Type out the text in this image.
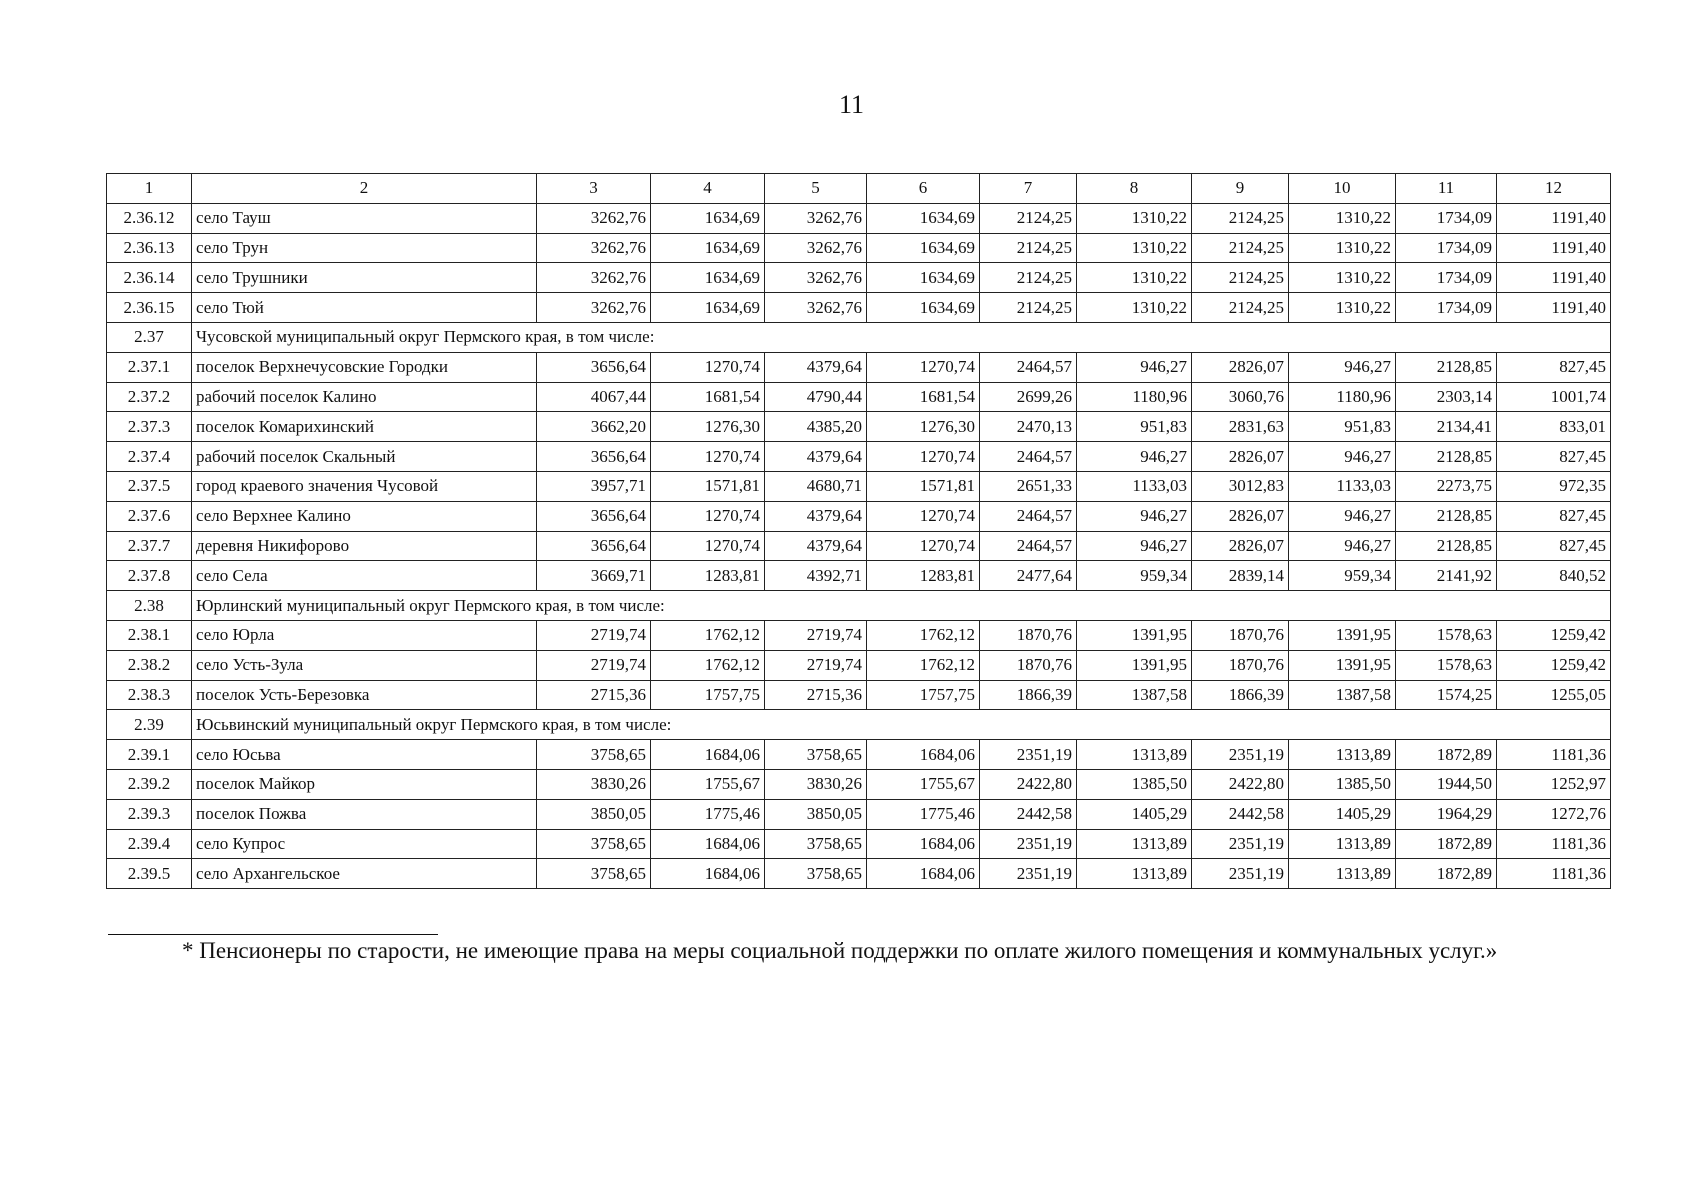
11
1	2	3	4	5	6	7	8	9	10	11	12
2.36.12	село Тауш	3262,76	1634,69	3262,76	1634,69	2124,25	1310,22	2124,25	1310,22	1734,09	1191,40
2.36.13	село Трун	3262,76	1634,69	3262,76	1634,69	2124,25	1310,22	2124,25	1310,22	1734,09	1191,40
2.36.14	село Трушники	3262,76	1634,69	3262,76	1634,69	2124,25	1310,22	2124,25	1310,22	1734,09	1191,40
2.36.15	село Тюй	3262,76	1634,69	3262,76	1634,69	2124,25	1310,22	2124,25	1310,22	1734,09	1191,40
2.37	Чусовской муниципальный округ Пермского края, в том числе:										
2.37.1	поселок Верхнечусовские Городки	3656,64	1270,74	4379,64	1270,74	2464,57	946,27	2826,07	946,27	2128,85	827,45
2.37.2	рабочий поселок Калино	4067,44	1681,54	4790,44	1681,54	2699,26	1180,96	3060,76	1180,96	2303,14	1001,74
2.37.3	поселок Комарихинский	3662,20	1276,30	4385,20	1276,30	2470,13	951,83	2831,63	951,83	2134,41	833,01
2.37.4	рабочий поселок Скальный	3656,64	1270,74	4379,64	1270,74	2464,57	946,27	2826,07	946,27	2128,85	827,45
2.37.5	город краевого значения Чусовой	3957,71	1571,81	4680,71	1571,81	2651,33	1133,03	3012,83	1133,03	2273,75	972,35
2.37.6	село Верхнее Калино	3656,64	1270,74	4379,64	1270,74	2464,57	946,27	2826,07	946,27	2128,85	827,45
2.37.7	деревня Никифорово	3656,64	1270,74	4379,64	1270,74	2464,57	946,27	2826,07	946,27	2128,85	827,45
2.37.8	село Села	3669,71	1283,81	4392,71	1283,81	2477,64	959,34	2839,14	959,34	2141,92	840,52
2.38	Юрлинский муниципальный округ Пермского края, в том числе:										
2.38.1	село Юрла	2719,74	1762,12	2719,74	1762,12	1870,76	1391,95	1870,76	1391,95	1578,63	1259,42
2.38.2	село Усть-Зула	2719,74	1762,12	2719,74	1762,12	1870,76	1391,95	1870,76	1391,95	1578,63	1259,42
2.38.3	поселок Усть-Березовка	2715,36	1757,75	2715,36	1757,75	1866,39	1387,58	1866,39	1387,58	1574,25	1255,05
2.39	Юсьвинский муниципальный округ Пермского края, в том числе:										
2.39.1	село Юсьва	3758,65	1684,06	3758,65	1684,06	2351,19	1313,89	2351,19	1313,89	1872,89	1181,36
2.39.2	поселок Майкор	3830,26	1755,67	3830,26	1755,67	2422,80	1385,50	2422,80	1385,50	1944,50	1252,97
2.39.3	поселок Пожва	3850,05	1775,46	3850,05	1775,46	2442,58	1405,29	2442,58	1405,29	1964,29	1272,76
2.39.4	село Купрос	3758,65	1684,06	3758,65	1684,06	2351,19	1313,89	2351,19	1313,89	1872,89	1181,36
2.39.5	село Архангельское	3758,65	1684,06	3758,65	1684,06	2351,19	1313,89	2351,19	1313,89	1872,89	1181,36
* Пенсионеры по старости, не имеющие права на меры социальной поддержки по оплате жилого помещения и коммунальных услуг.»
